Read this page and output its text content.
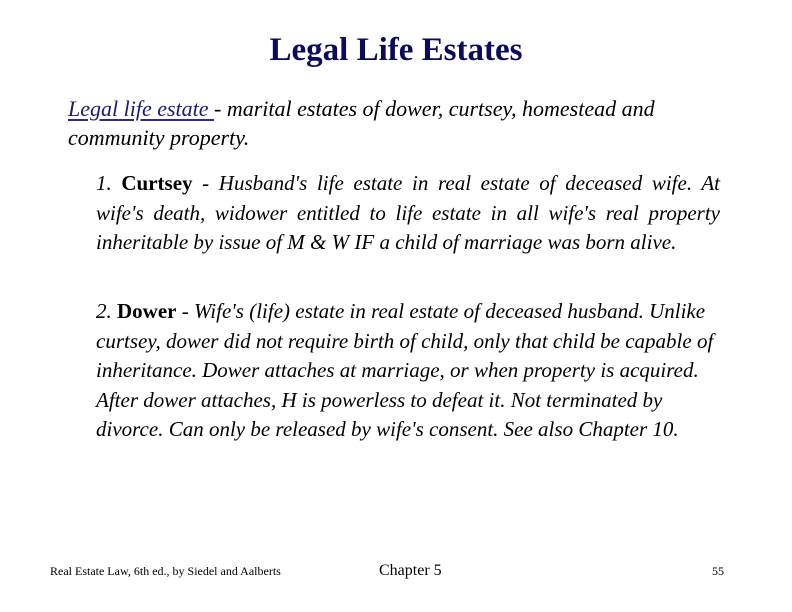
Legal Life Estates

Legal life estate - marital estates of dower, curtsey, homestead and

community property.

1. Curtsey - Husband's life estate in real estate of deceased wife. At wife's death, widower entitled to life estate in all wife's real property inheritable by issue of M & W IF a child of marriage was born alive.

2. Dower - Wife's (life) estate in real estate of deceased husband. Unlike curtsey, dower did not require birth of child, only that child be capable of inheritance. Dower attaches at marriage, or when property is acquired. After dower attaches, H is powerless to defeat it. Not terminated by divorce. Can only be released by wife's consent. See also Chapter 10.

Real Estate Law, 6th ed., by Siedel and Aalberts	Chapter 5	55
